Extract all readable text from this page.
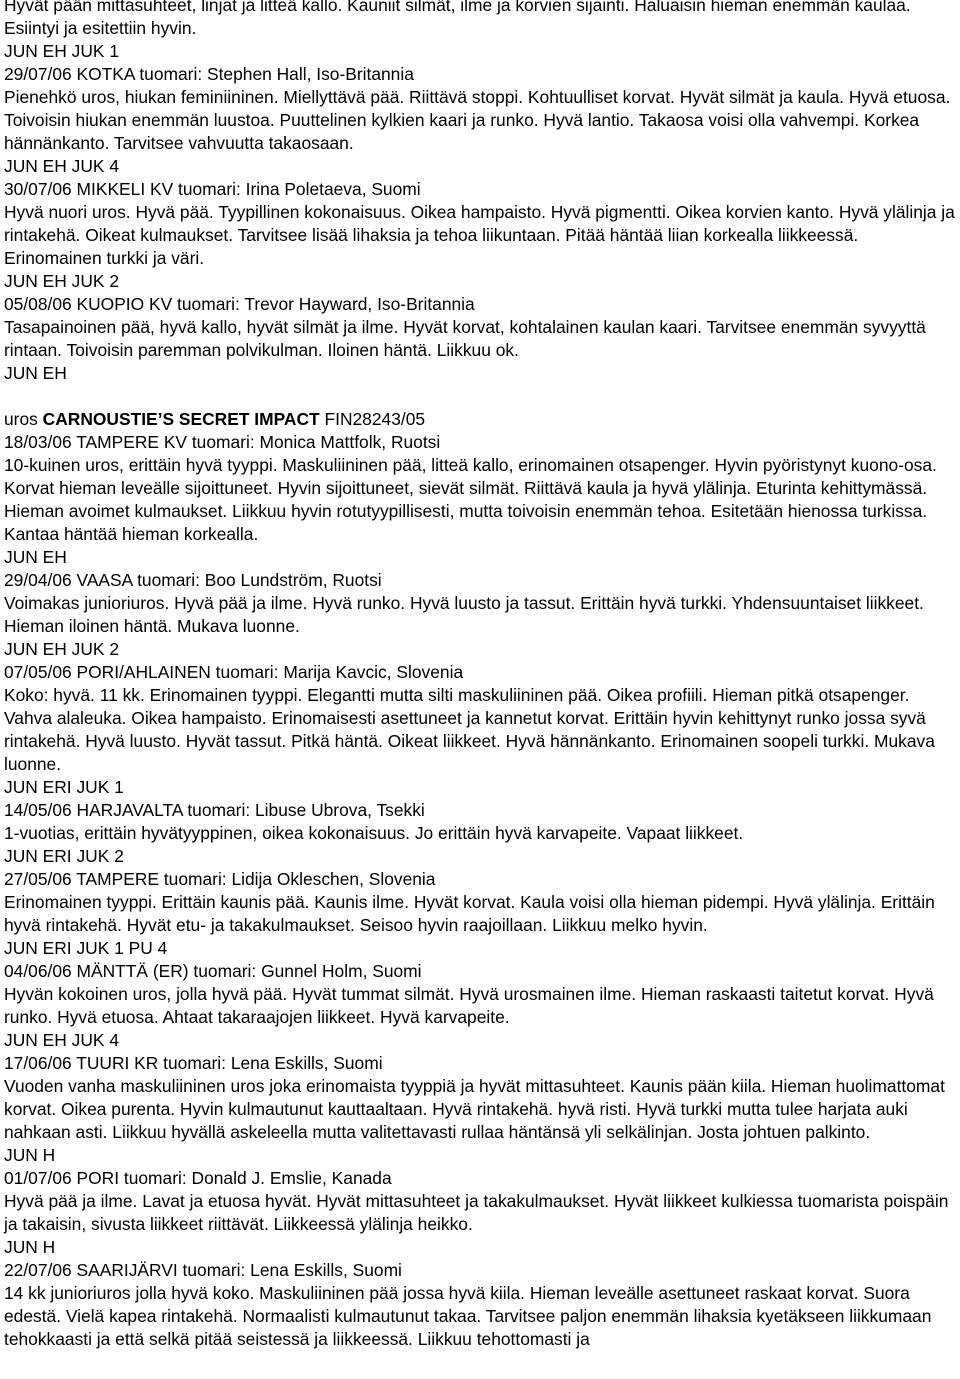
Hyvät pään mittasuhteet, linjat ja litteä kallo. Kauniit silmät, ilme ja korvien sijainti. Haluaisin hieman enemmän kaulaa. Esiintyi ja esitettiin hyvin.

JUN EH JUK 1

29/07/06 KOTKA tuomari: Stephen Hall, Iso-Britannia

Pienehkö uros, hiukan feminiininen. Miellyttävä pää. Riittävä stoppi. Kohtuulliset korvat. Hyvät silmät ja kaula. Hyvä etuosa. Toivoisin hiukan enemmän luustoa. Puuttelinen kylkien kaari ja runko. Hyvä lantio. Takaosa voisi olla vahvempi. Korkea hännänkanto. Tarvitsee vahvuutta takaosaan.

JUN EH JUK 4

30/07/06 MIKKELI KV tuomari: Irina Poletaeva, Suomi

Hyvä nuori uros. Hyvä pää. Tyypillinen kokonaisuus. Oikea hampaisto. Hyvä pigmentti. Oikea korvien kanto. Hyvä ylälinja ja rintakehä. Oikeat kulmaukset. Tarvitsee lisää lihaksia ja tehoa liikuntaan. Pitää häntää liian korkealla liikkeessä. Erinomainen turkki ja väri.

JUN EH JUK 2

05/08/06 KUOPIO KV tuomari: Trevor Hayward, Iso-Britannia

Tasapainoinen pää, hyvä kallo, hyvät silmät ja ilme. Hyvät korvat, kohtalainen kaulan kaari. Tarvitsee enemmän syvyyttä rintaan. Toivoisin paremman polvikulman. Iloinen häntä. Liikkuu ok.

JUN EH

uros CARNOUSTIE’S SECRET IMPACT FIN28243/05

18/03/06 TAMPERE KV tuomari: Monica Mattfolk, Ruotsi

10-kuinen uros, erittäin hyvä tyyppi. Maskuliininen pää, litteä kallo, erinomainen otsapenger. Hyvin pyöristynyt kuono-osa. Korvat hieman leveälle sijoittuneet. Hyvin sijoittuneet, sievät silmät. Riittävä kaula ja hyvä ylälinja. Eturinta kehittymässä. Hieman avoimet kulmaukset. Liikkuu hyvin rotutyypillisesti, mutta toivoisin enemmän tehoa. Esitetään hienossa turkissa. Kantaa häntää hieman korkealla.

JUN EH

29/04/06 VAASA tuomari: Boo Lundström, Ruotsi

Voimakas junioriuros. Hyvä pää ja ilme. Hyvä runko. Hyvä luusto ja tassut. Erittäin hyvä turkki. Yhdensuuntaiset liikkeet. Hieman iloinen häntä. Mukava luonne.

JUN EH JUK 2

07/05/06 PORI/AHLAINEN tuomari: Marija Kavcic, Slovenia

Koko: hyvä. 11 kk. Erinomainen tyyppi. Elegantti mutta silti maskuliininen pää. Oikea profiili. Hieman pitkä otsapenger. Vahva alaleuka. Oikea hampaisto. Erinomaisesti asettuneet ja kannetut korvat. Erittäin hyvin kehittynyt runko jossa syvä rintakehä. Hyvä luusto. Hyvät tassut. Pitkä häntä. Oikeat liikkeet. Hyvä hännänkanto. Erinomainen soopeli turkki. Mukava luonne.

JUN ERI JUK 1

14/05/06 HARJAVALTA tuomari: Libuse Ubrova, Tsekki

1-vuotias, erittäin hyvätyyppinen, oikea kokonaisuus. Jo erittäin hyvä karvapeite. Vapaat liikkeet.

JUN ERI JUK 2

27/05/06 TAMPERE tuomari: Lidija Okleschen, Slovenia

Erinomainen tyyppi. Erittäin kaunis pää. Kaunis ilme. Hyvät korvat. Kaula voisi olla hieman pidempi. Hyvä ylälinja. Erittäin hyvä rintakehä. Hyvät etu- ja takakulmaukset. Seisoo hyvin raajoillaan. Liikkuu melko hyvin.

JUN ERI JUK 1 PU 4

04/06/06 MÄNTTÄ (ER) tuomari: Gunnel Holm, Suomi

Hyvän kokoinen uros, jolla hyvä pää. Hyvät tummat silmät. Hyvä urosmainen ilme. Hieman raskaasti taitetut korvat. Hyvä runko. Hyvä etuosa. Ahtaat takaraajojen liikkeet. Hyvä karvapeite.

JUN EH JUK 4

17/06/06 TUURI KR tuomari: Lena Eskills, Suomi

Vuoden vanha maskuliininen uros joka erinomaista tyyppiä ja hyvät mittasuhteet. Kaunis pään kiila. Hieman huolimattomat korvat. Oikea purenta. Hyvin kulmautunut kauttaaltaan. Hyvä rintakehä. hyvä risti. Hyvä turkki mutta tulee harjata auki nahkaan asti. Liikkuu hyvällä askeleella mutta valitettavasti rullaa häntänsä yli selkälinjan. Josta johtuen palkinto.

JUN H

01/07/06 PORI tuomari: Donald J. Emslie, Kanada

Hyvä pää ja ilme. Lavat ja etuosa hyvät. Hyvät mittasuhteet ja takakulmaukset. Hyvät liikkeet kulkiessa tuomarista poispäin ja takaisin, sivusta liikkeet riittävät. Liikkeessä ylälinja heikko.

JUN H

22/07/06 SAARIJÄRVI tuomari: Lena Eskills, Suomi

14 kk junioriuros jolla hyvä koko. Maskuliininen pää jossa hyvä kiila. Hieman leveälle asettuneet raskaat korvat. Suora edestä. Vielä kapea rintakehä. Normaalisti kulmautunut takaa. Tarvitsee paljon enemmän lihaksia kyetäkseen liikkumaan tehokkaasti ja että selkä pitää seistessä ja liikkeessä. Liikkuu tehottomasti ja
